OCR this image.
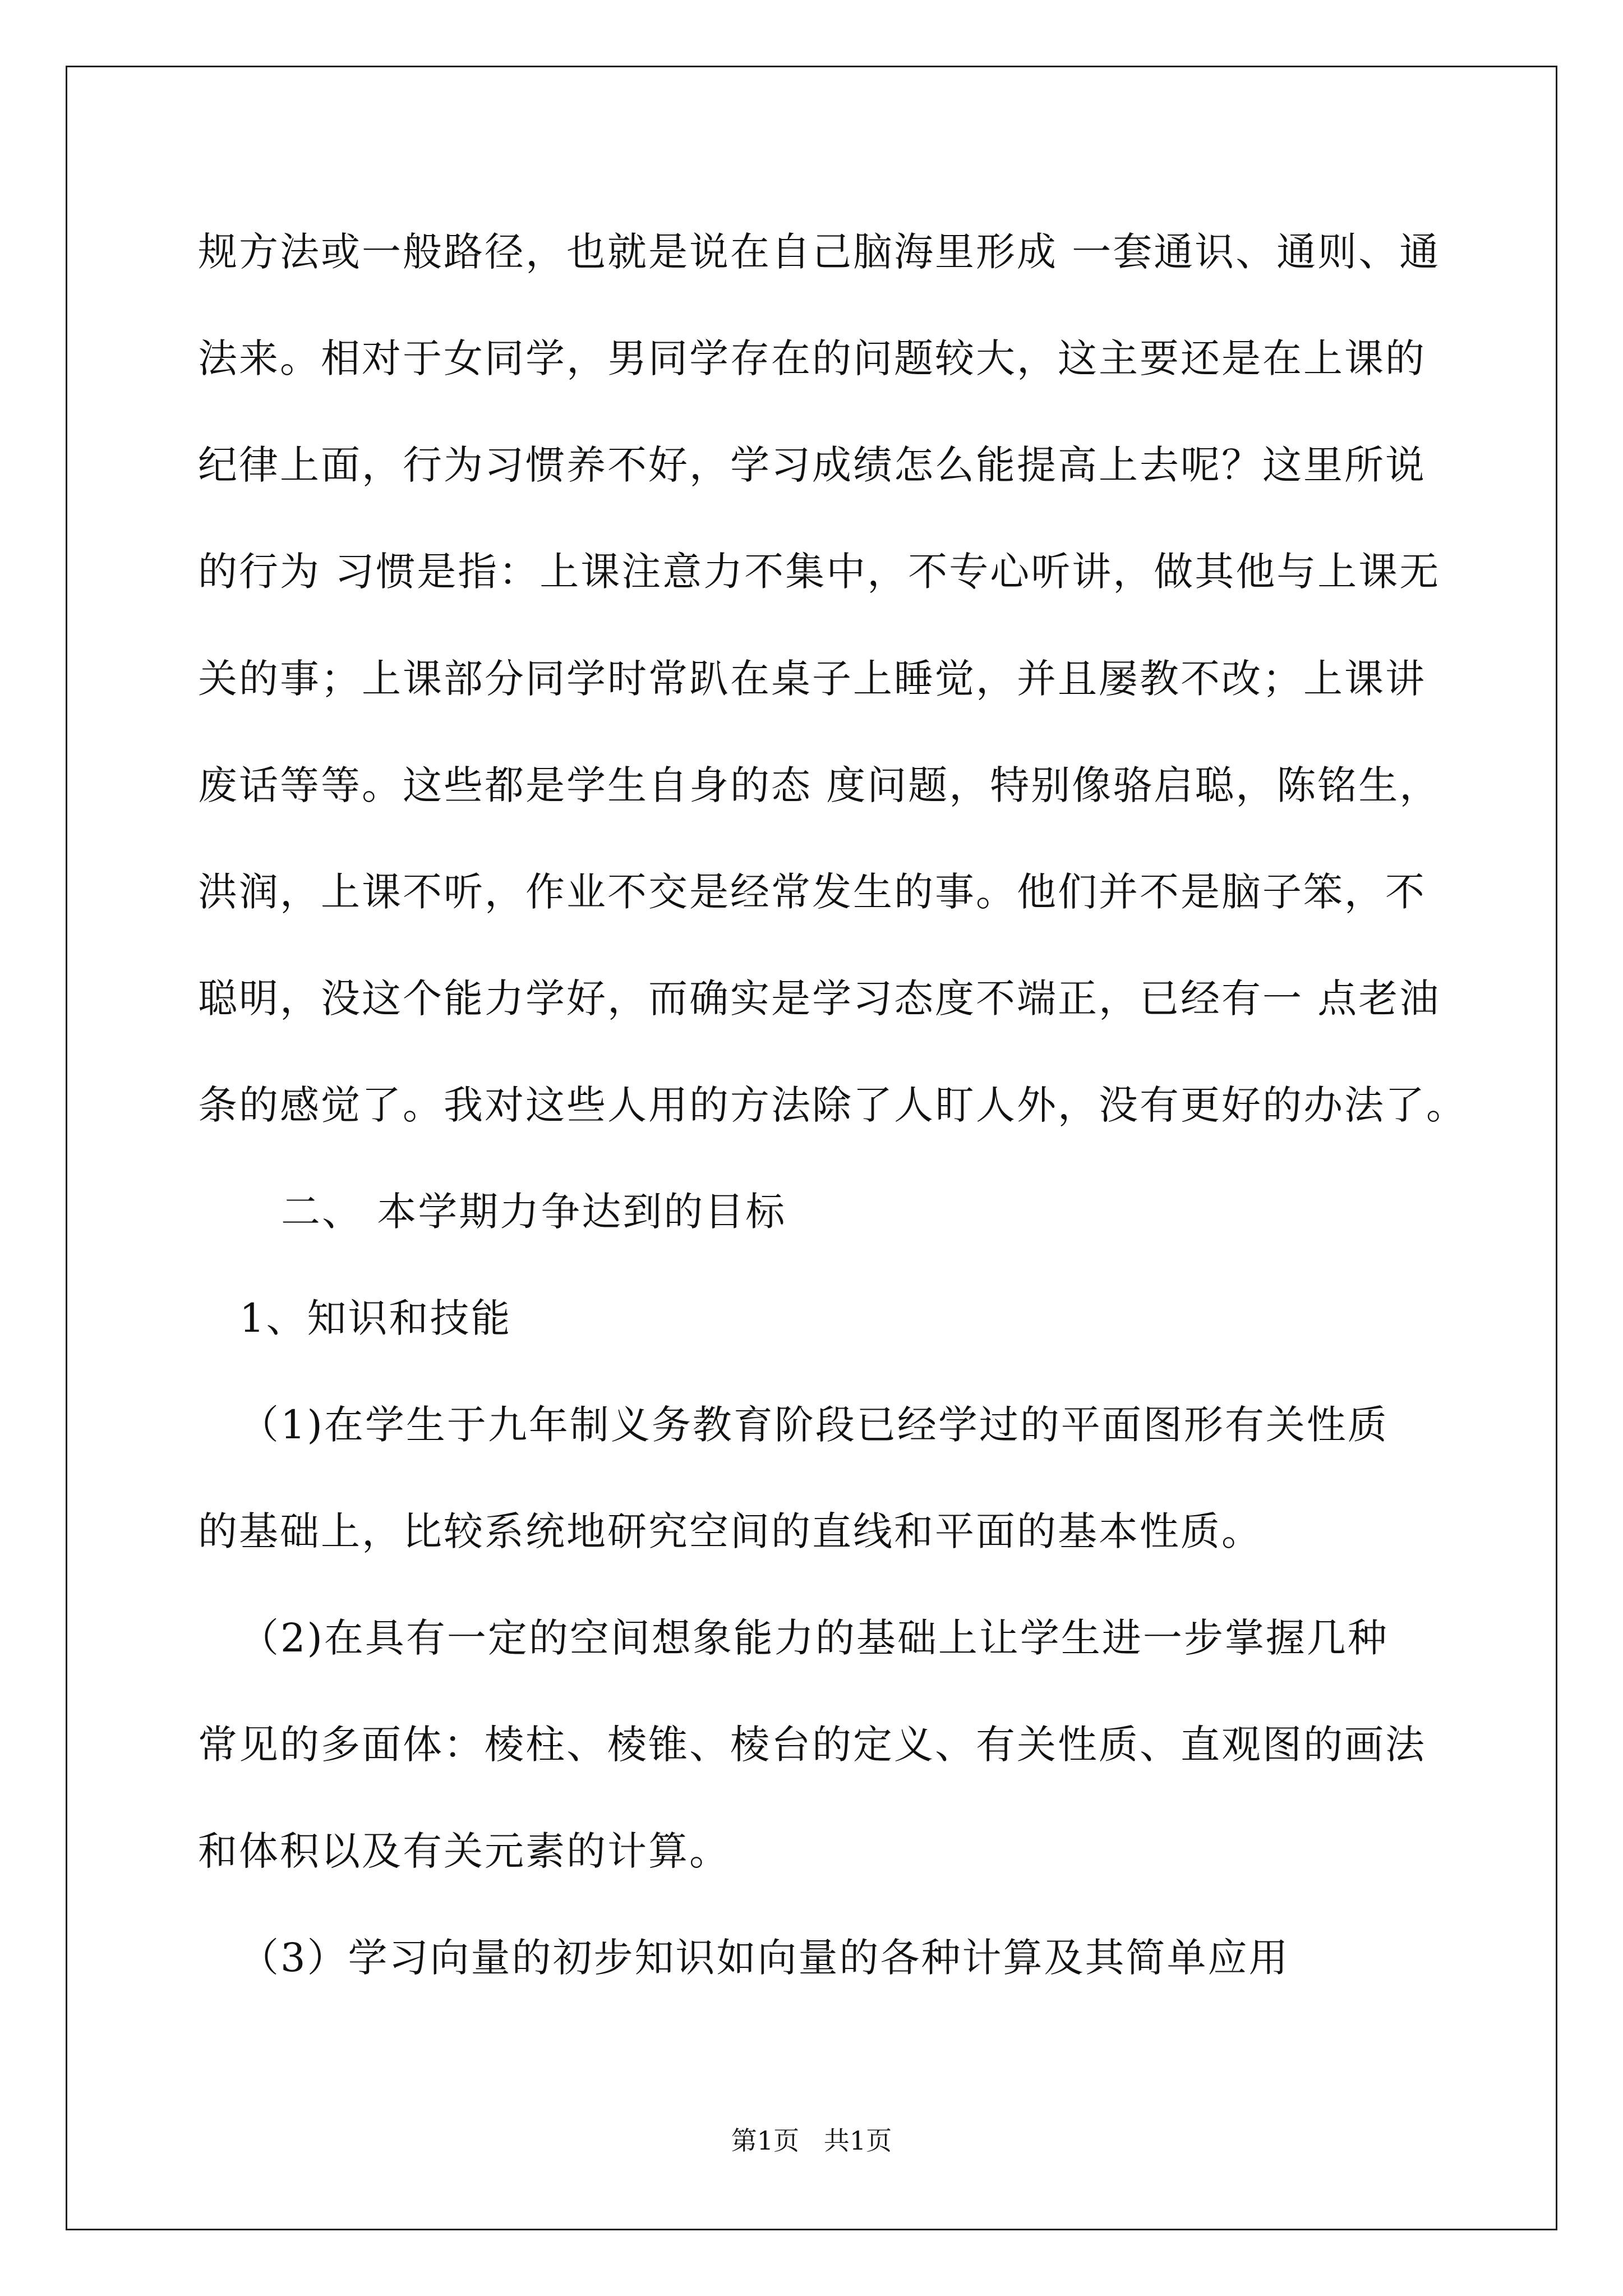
规方法或一般路径，也就是说在自己脑海里形成 一套通识、通则、通
法来。相对于女同学，男同学存在的问题较大，这主要还是在上课的
纪律上面，行为习惯养不好，学习成绩怎么能提高上去呢？这里所说
的行为 习惯是指：上课注意力不集中，不专心听讲，做其他与上课无
关的事；上课部分同学时常趴在桌子上睡觉，并且屡教不改；上课讲
废话等等。这些都是学生自身的态 度问题，特别像骆启聪，陈铭生，
洪润，上课不听，作业不交是经常发生的事。他们并不是脑子笨，不
聪明，没这个能力学好，而确实是学习态度不端正，已经有一 点老油
条的感觉了。我对这些人用的方法除了人盯人外，没有更好的办法了。
二、 本学期力争达到的目标
1、知识和技能
（1)在学生于九年制义务教育阶段已经学过的平面图形有关性质
的基础上，比较系统地研究空间的直线和平面的基本性质。
（2)在具有一定的空间想象能力的基础上让学生进一步掌握几种
常见的多面体：棱柱、棱锥、棱台的定义、有关性质、直观图的画法
和体积以及有关元素的计算。
（3）学习向量的初步知识如向量的各种计算及其简单应用
第1页   共1页
